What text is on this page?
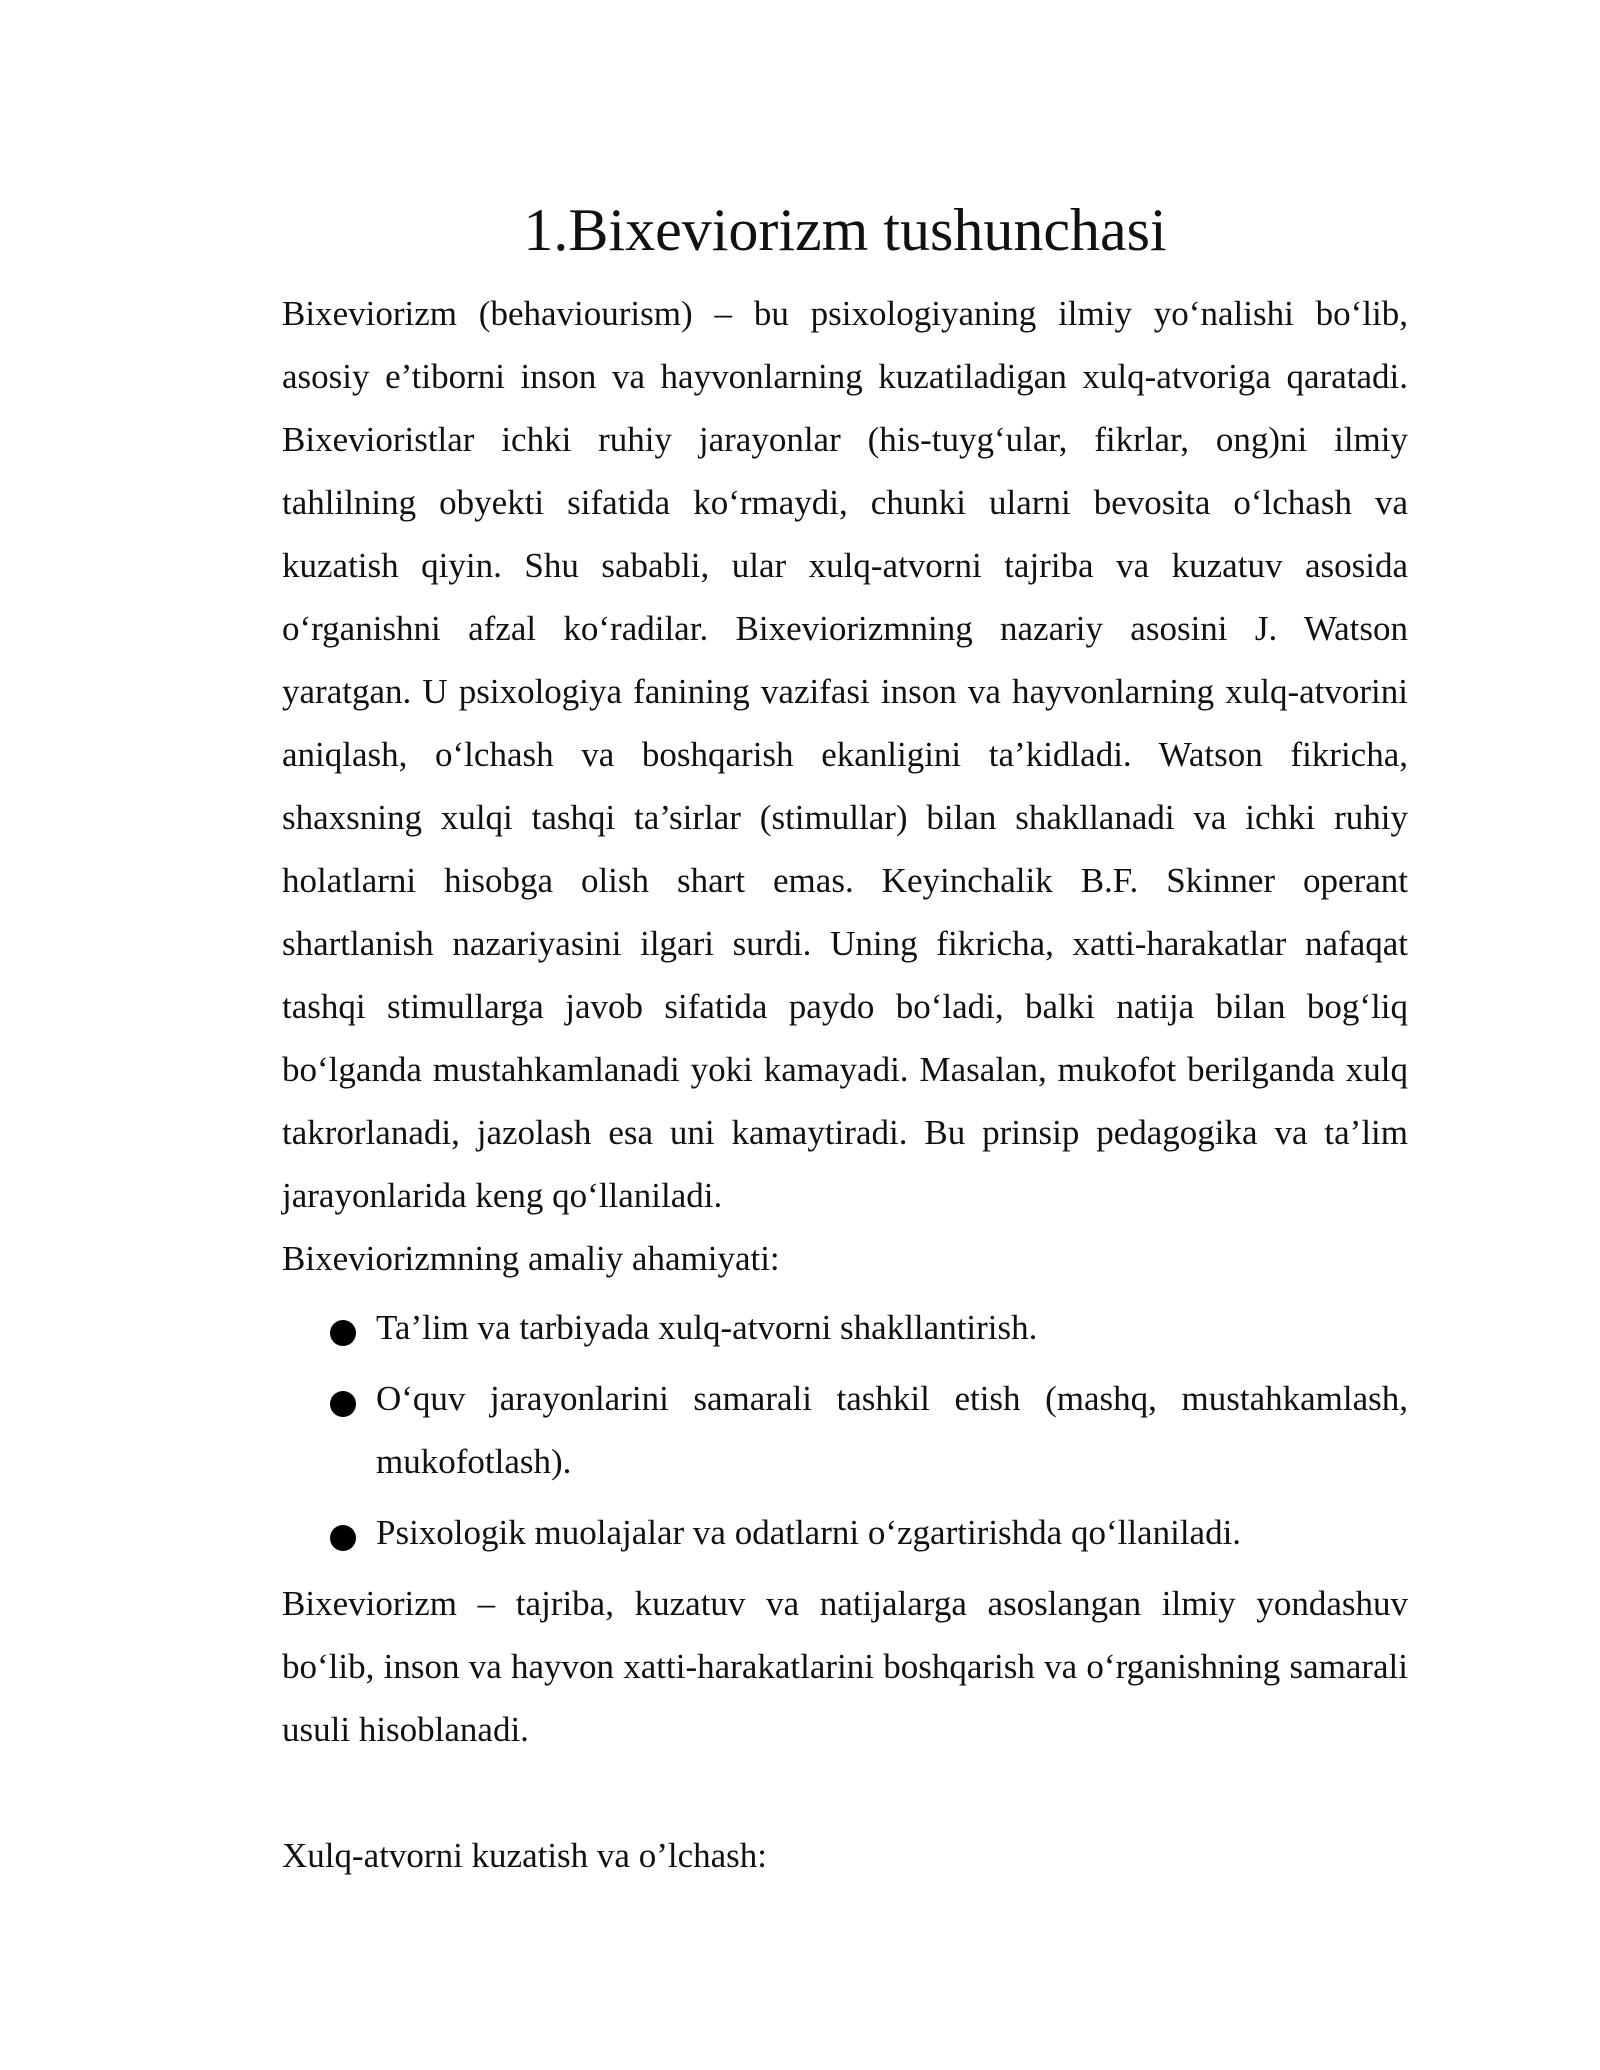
1.Bixeviorizm tushunchasi

Bixeviorizm (behaviourism) – bu psixologiyaning ilmiy yo‘nalishi bo‘lib, asosiy e’tiborni inson va hayvonlarning kuzatiladigan xulq-atvoriga qaratadi. Bixevioristlar ichki ruhiy jarayonlar (his-tuyg‘ular, fikrlar, ong)ni ilmiy tahlilning obyekti sifatida ko‘rmaydi, chunki ularni bevosita o‘lchash va kuzatish qiyin. Shu sababli, ular xulq-atvorni tajriba va kuzatuv asosida o‘rganishni afzal ko‘radilar. Bixeviorizmning nazariy asosini J. Watson yaratgan. U psixologiya fanining vazifasi inson va hayvonlarning xulq-atvorini aniqlash, o‘lchash va boshqarish ekanligini ta’kidladi. Watson fikricha, shaxsning xulqi tashqi ta’sirlar (stimullar) bilan shakllanadi va ichki ruhiy holatlarni hisobga olish shart emas. Keyinchalik B.F. Skinner operant shartlanish nazariyasini ilgari surdi. Uning fikricha, xatti-harakatlar nafaqat tashqi stimullarga javob sifatida paydo bo‘ladi, balki natija bilan bog‘liq bo‘lganda mustahkamlanadi yoki kamayadi. Masalan, mukofot berilganda xulq takrorlanadi, jazolash esa uni kamaytiradi. Bu prinsip pedagogika va ta’lim jarayonlarida keng qo‘llaniladi.

Bixeviorizmning amaliy ahamiyati:

Ta’lim va tarbiyada xulq-atvorni shakllantirish.
O‘quv jarayonlarini samarali tashkil etish (mashq, mustahkamlash, mukofotlash).
Psixologik muolajalar va odatlarni o‘zgartirishda qo‘llaniladi.

Bixeviorizm – tajriba, kuzatuv va natijalarga asoslangan ilmiy yondashuv bo‘lib, inson va hayvon xatti-harakatlarini boshqarish va o‘rganishning samarali usuli hisoblanadi.

Xulq-atvorni kuzatish va o’lchash:
